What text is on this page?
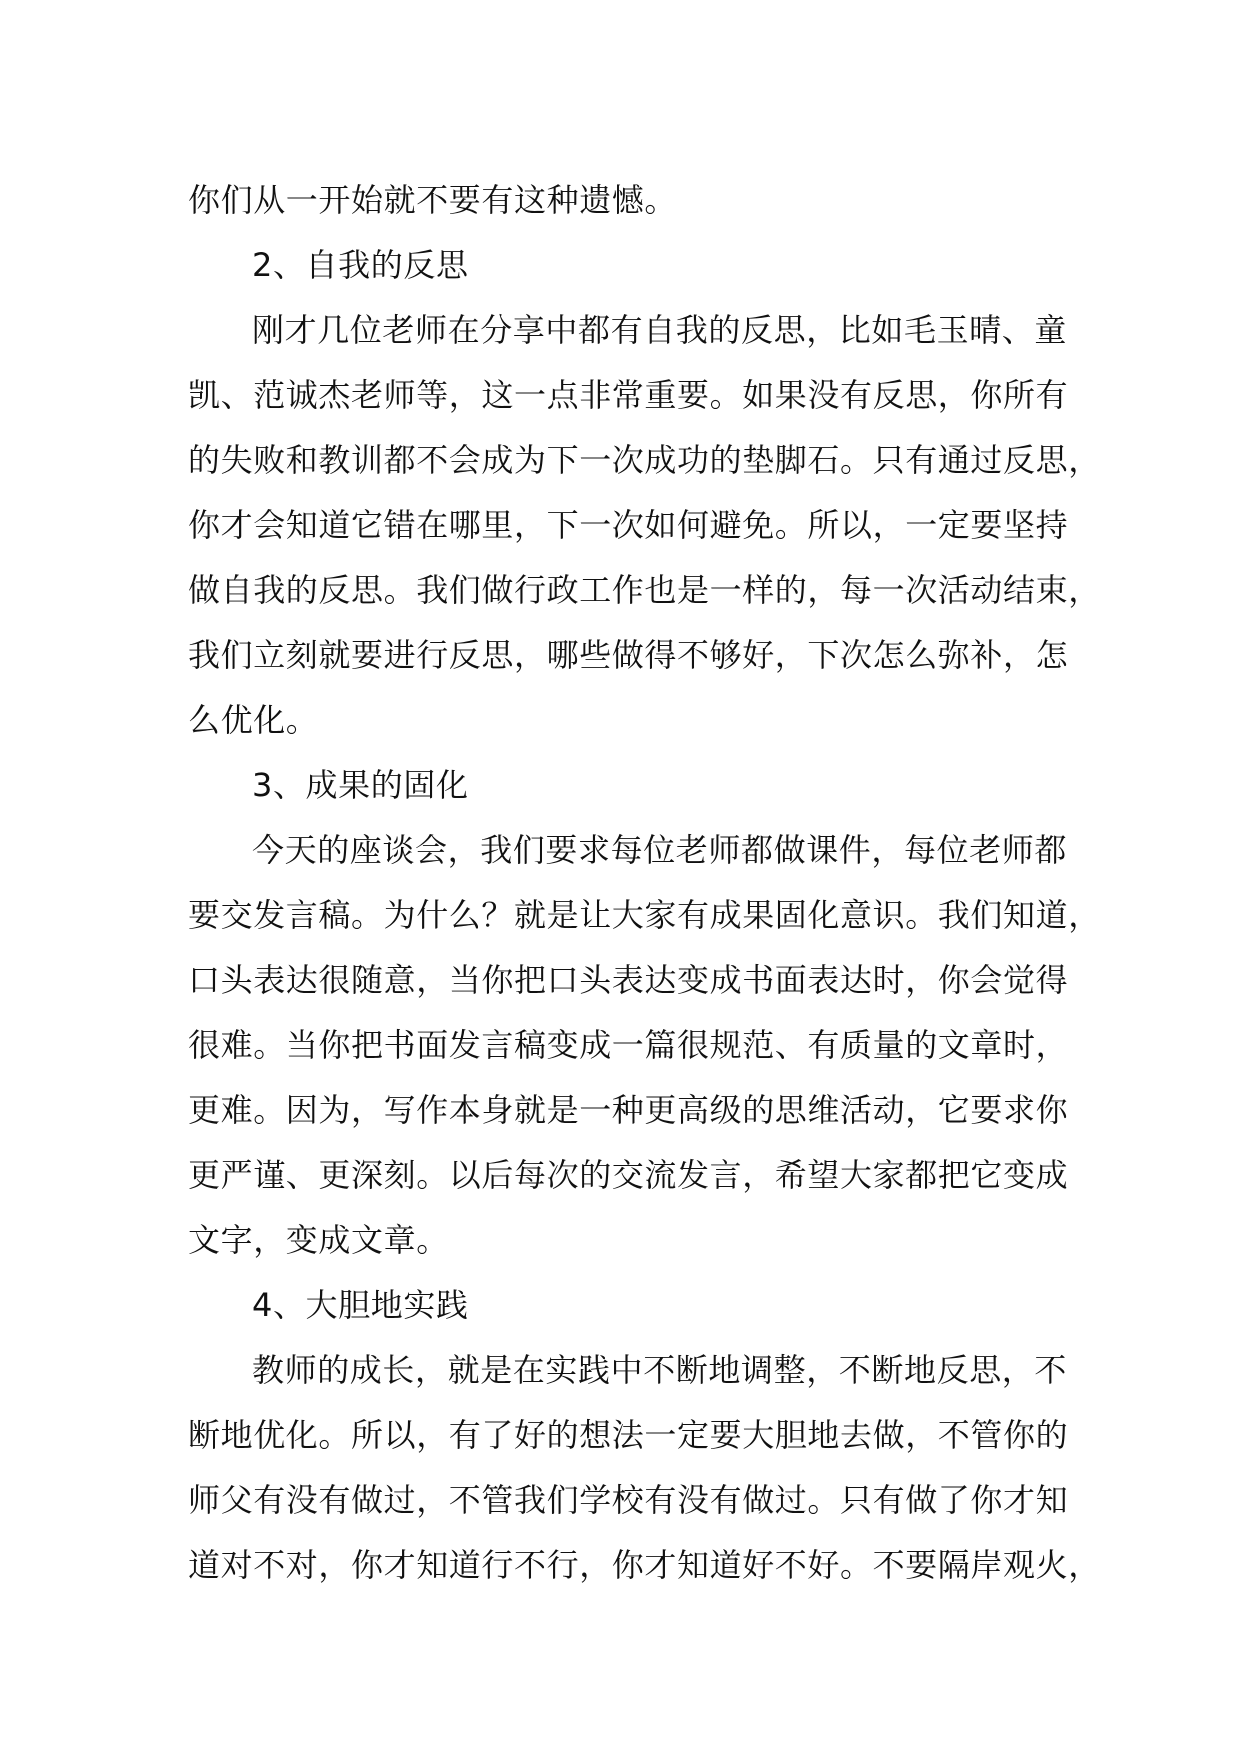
你们从一开始就不要有这种遗憾。
2、自我的反思
刚才几位老师在分享中都有自我的反思，比如毛玉晴、童
凯、范诚杰老师等，这一点非常重要。如果没有反思，你所有
的失败和教训都不会成为下一次成功的垫脚石。只有通过反思，
你才会知道它错在哪里，下一次如何避免。所以，一定要坚持
做自我的反思。我们做行政工作也是一样的，每一次活动结束，
我们立刻就要进行反思，哪些做得不够好，下次怎么弥补，怎
么优化。
3、成果的固化
今天的座谈会，我们要求每位老师都做课件，每位老师都
要交发言稿。为什么？就是让大家有成果固化意识。我们知道，
口头表达很随意，当你把口头表达变成书面表达时，你会觉得
很难。当你把书面发言稿变成一篇很规范、有质量的文章时，
更难。因为，写作本身就是一种更高级的思维活动，它要求你
更严谨、更深刻。以后每次的交流发言，希望大家都把它变成
文字，变成文章。
4、大胆地实践
教师的成长，就是在实践中不断地调整，不断地反思，不
断地优化。所以，有了好的想法一定要大胆地去做，不管你的
师父有没有做过，不管我们学校有没有做过。只有做了你才知
道对不对，你才知道行不行，你才知道好不好。不要隔岸观火，
